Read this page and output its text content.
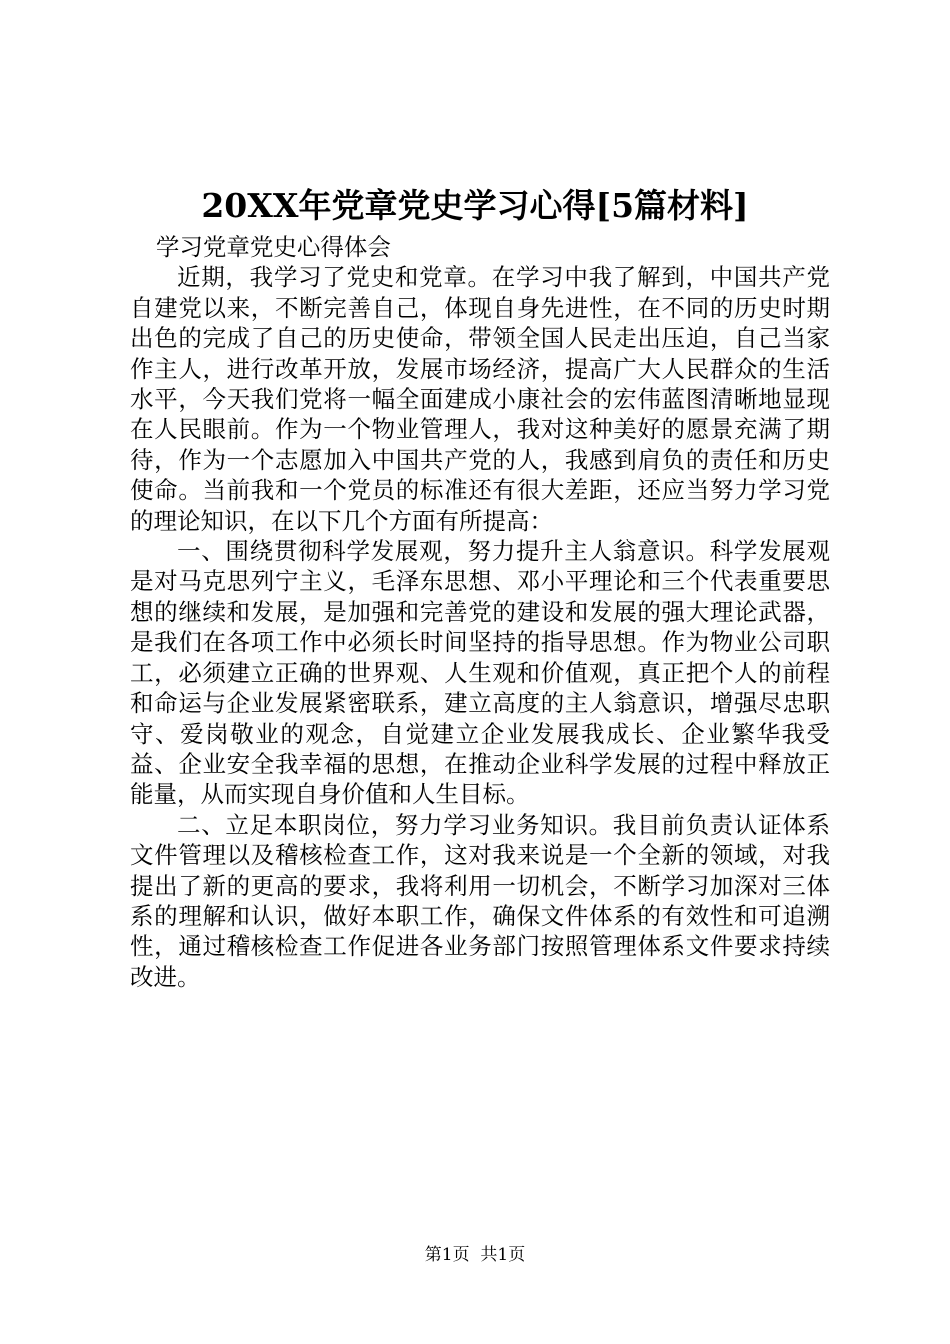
20XX年党章党史学习心得[5篇材料]

学习党章党史心得体会

近期，我学习了党史和党章。在学习中我了解到，中国共产党自建党以来，不断完善自己，体现自身先进性，在不同的历史时期出色的完成了自己的历史使命，带领全国人民走出压迫，自己当家作主人，进行改革开放，发展市场经济，提高广大人民群众的生活水平，今天我们党将一幅全面建成小康社会的宏伟蓝图清晰地显现在人民眼前。作为一个物业管理人，我对这种美好的愿景充满了期待，作为一个志愿加入中国共产党的人，我感到肩负的责任和历史使命。当前我和一个党员的标准还有很大差距，还应当努力学习党的理论知识，在以下几个方面有所提高：

一、围绕贯彻科学发展观，努力提升主人翁意识。科学发展观是对马克思列宁主义，毛泽东思想、邓小平理论和三个代表重要思想的继续和发展，是加强和完善党的建设和发展的强大理论武器，是我们在各项工作中必须长时间坚持的指导思想。作为物业公司职工，必须建立正确的世界观、人生观和价值观，真正把个人的前程和命运与企业发展紧密联系，建立高度的主人翁意识，增强尽忠职守、爱岗敬业的观念，自觉建立企业发展我成长、企业繁华我受益、企业安全我幸福的思想，在推动企业科学发展的过程中释放正能量，从而实现自身价值和人生目标。

二、立足本职岗位，努力学习业务知识。我目前负责认证体系文件管理以及稽核检查工作，这对我来说是一个全新的领域，对我提出了新的更高的要求，我将利用一切机会，不断学习加深对三体系的理解和认识，做好本职工作，确保文件体系的有效性和可追溯性，通过稽核检查工作促进各业务部门按照管理体系文件要求持续改进。

第1页 共1页
